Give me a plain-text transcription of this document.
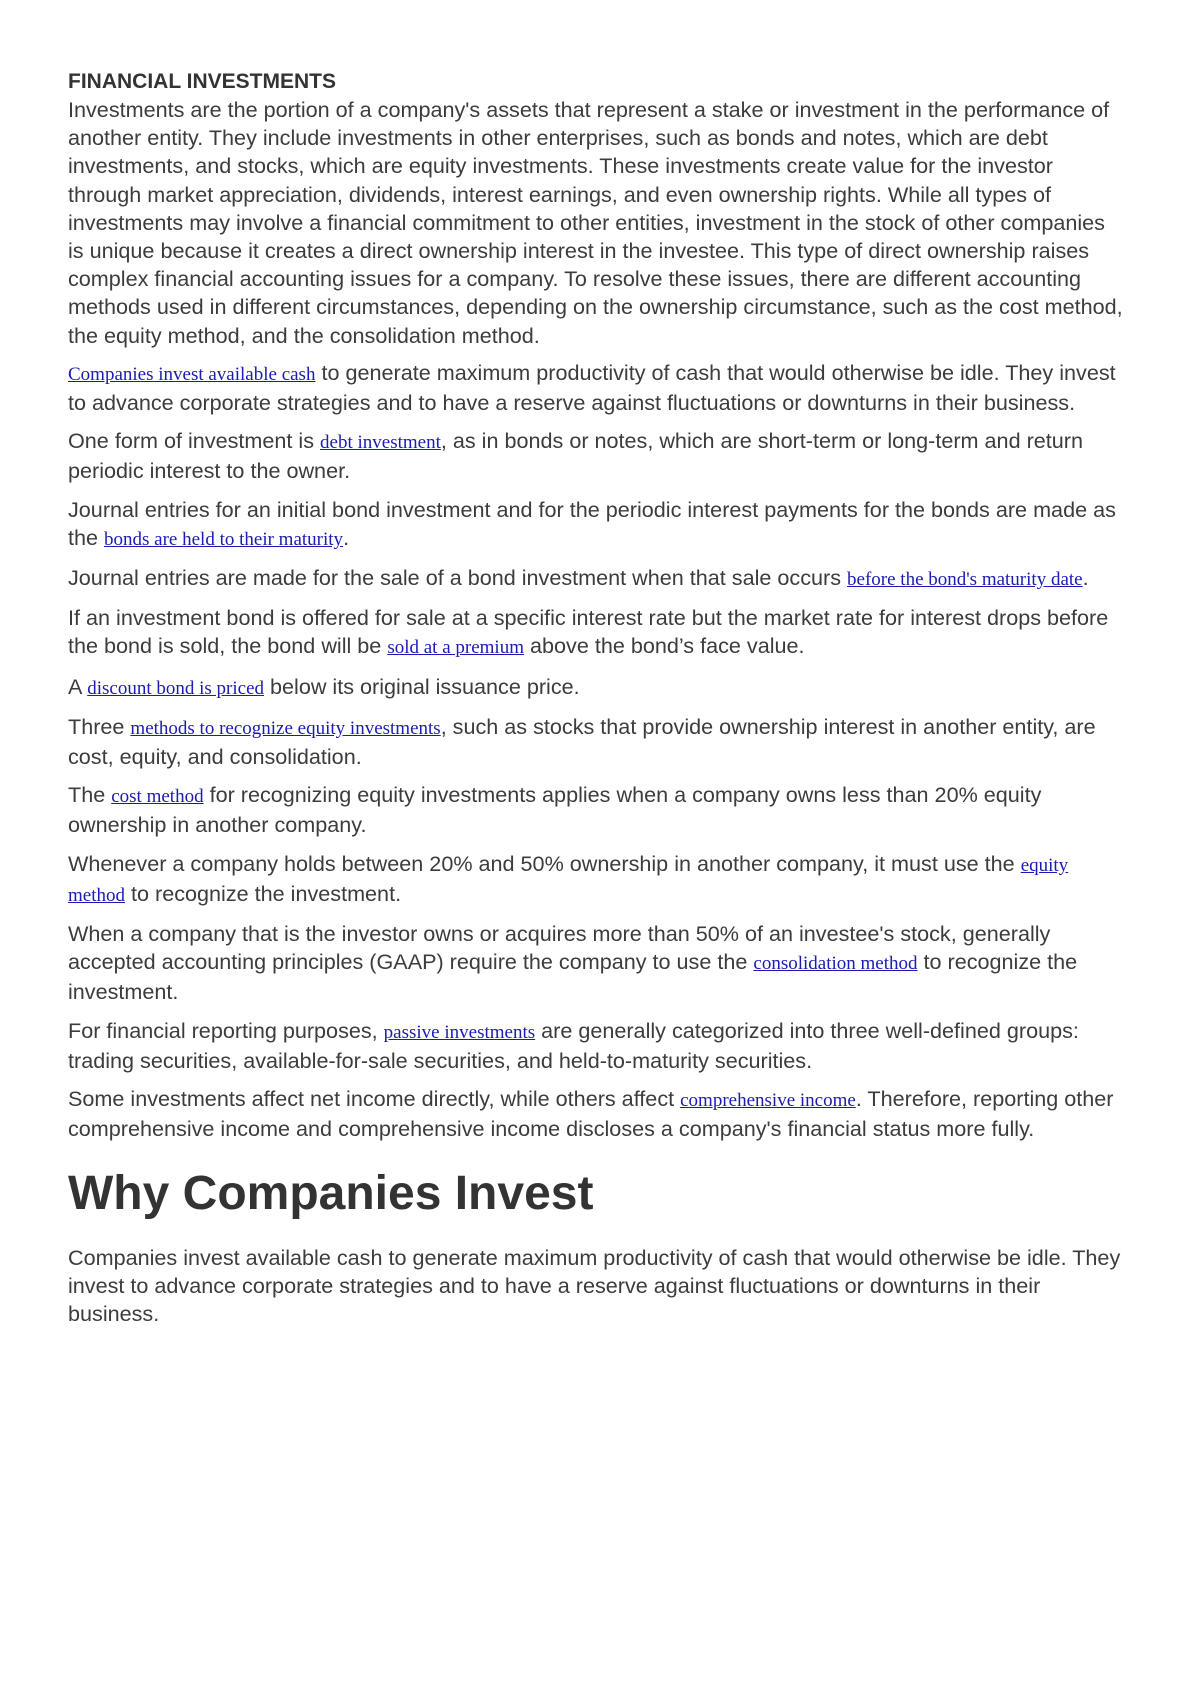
FINANCIAL INVESTMENTS

Investments are the portion of a company's assets that represent a stake or investment in the performance of another entity. They include investments in other enterprises, such as bonds and notes, which are debt investments, and stocks, which are equity investments. These investments create value for the investor through market appreciation, dividends, interest earnings, and even ownership rights. While all types of investments may involve a financial commitment to other entities, investment in the stock of other companies is unique because it creates a direct ownership interest in the investee. This type of direct ownership raises complex financial accounting issues for a company. To resolve these issues, there are different accounting methods used in different circumstances, depending on the ownership circumstance, such as the cost method, the equity method, and the consolidation method.

Companies invest available cash to generate maximum productivity of cash that would otherwise be idle. They invest to advance corporate strategies and to have a reserve against fluctuations or downturns in their business.

One form of investment is debt investment, as in bonds or notes, which are short-term or long-term and return periodic interest to the owner.

Journal entries for an initial bond investment and for the periodic interest payments for the bonds are made as the bonds are held to their maturity.

Journal entries are made for the sale of a bond investment when that sale occurs before the bond's maturity date.

If an investment bond is offered for sale at a specific interest rate but the market rate for interest drops before the bond is sold, the bond will be sold at a premium above the bond’s face value.

A discount bond is priced below its original issuance price.

Three methods to recognize equity investments, such as stocks that provide ownership interest in another entity, are cost, equity, and consolidation.

The cost method for recognizing equity investments applies when a company owns less than 20% equity ownership in another company.

Whenever a company holds between 20% and 50% ownership in another company, it must use the equity method to recognize the investment.

When a company that is the investor owns or acquires more than 50% of an investee's stock, generally accepted accounting principles (GAAP) require the company to use the consolidation method to recognize the investment.

For financial reporting purposes, passive investments are generally categorized into three well-defined groups: trading securities, available-for-sale securities, and held-to-maturity securities.

Some investments affect net income directly, while others affect comprehensive income. Therefore, reporting other comprehensive income and comprehensive income discloses a company's financial status more fully.

Why Companies Invest

Companies invest available cash to generate maximum productivity of cash that would otherwise be idle. They invest to advance corporate strategies and to have a reserve against fluctuations or downturns in their business.
